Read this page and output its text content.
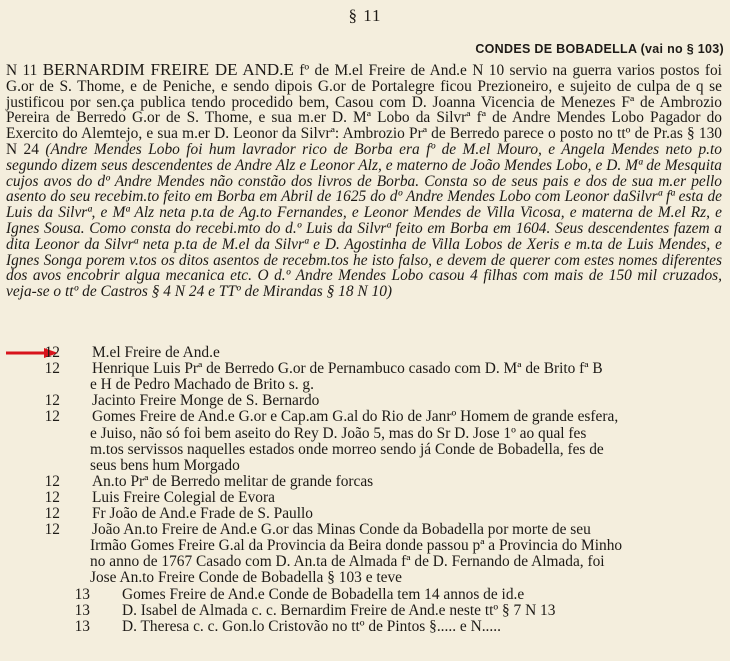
§ 11
CONDES DE BOBADELLA (vai no § 103)
N 11 BERNARDIM FREIRE DE AND.E fº de M.el Freire de And.e N 10 servio na guerra varios postos foi G.or de S. Thome, e de Peniche, e sendo dipois G.or de Portalegre ficou Prezioneiro, e sujeito de culpa de q se justificou por sen.ça publica tendo procedido bem, Casou com D. Joanna Vicencia de Menezes Fª de Ambrozio Pereira de Berredo G.or de S. Thome, e sua m.er D. Mª Lobo da Silvrª fª de Andre Mendes Lobo Pagador do Exercito do Alemtejo, e sua m.er D. Leonor da Silvrª: Ambrozio Prª de Berredo parece o posto no ttº de Pr.as § 130 N 24 (Andre Mendes Lobo foi hum lavrador rico de Borba era fº de M.el Mouro, e Angela Mendes neto p.to segundo dizem seus descendentes de Andre Alz e Leonor Alz, e materno de João Mendes Lobo, e D. Mª de Mesquita cujos avos do dº Andre Mendes não constão dos livros de Borba. Consta so de seus pais e dos de sua m.er pello asento do seu recebim.to feito em Borba em Abril de 1625 do dº Andre Mendes Lobo com Leonor daSilvrª fª esta de Luis da Silvrª, e Mª Alz neta p.ta de Ag.to Fernandes, e Leonor Mendes de Villa Vicosa, e materna de M.el Rz, e Ignes Sousa. Como consta do recebi.mto do d.º Luis da Silvrª feito em Borba em 1604. Seus descendentes fazem a dita Leonor da Silvrª neta p.ta de M.el da Silvrª e D. Agostinha de Villa Lobos de Xeris e m.ta de Luis Mendes, e Ignes Songa porem v.tos os ditos asentos de recebm.tos he isto falso, e devem de querer com estes nomes diferentes dos avos encobrir algua mecanica etc. O d.º Andre Mendes Lobo casou 4 filhas com mais de 150 mil cruzados, veja-se o ttº de Castros § 4 N 24 e TTº de Mirandas § 18 N 10)
12 M.el Freire de And.e
12 Henrique Luis Prª de Berredo G.or de Pernambuco casado com D. Mª de Brito fª B
e H de Pedro Machado de Brito s. g.
12 Jacinto Freire Monge de S. Bernardo
12 Gomes Freire de And.e G.or e Cap.am G.al do Rio de Janrº Homem de grande esfera,
e Juiso, não só foi bem aseito do Rey D. João 5, mas do Sr D. Jose 1º ao qual fes
m.tos servissos naquelles estados onde morreo sendo já Conde de Bobadella, fes de
seus bens hum Morgado
12 An.to Prª de Berredo melitar de grande forcas
12 Luis Freire Colegial de Evora
12 Fr João de And.e Frade de S. Paullo
12 João An.to Freire de And.e G.or das Minas Conde da Bobadella por morte de seu
Irmão Gomes Freire G.al da Provincia da Beira donde passou pª a Provincia do Minho
no anno de 1767 Casado com D. An.ta de Almada fª de D. Fernando de Almada, foi
Jose An.to Freire Conde de Bobadella § 103 e teve
13 Gomes Freire de And.e Conde de Bobadella tem 14 annos de id.e
13 D. Isabel de Almada c. c. Bernardim Freire de And.e neste ttº § 7 N 13
13 D. Theresa c. c. Gon.lo Cristovão no ttº de Pintos §..... e N.....
